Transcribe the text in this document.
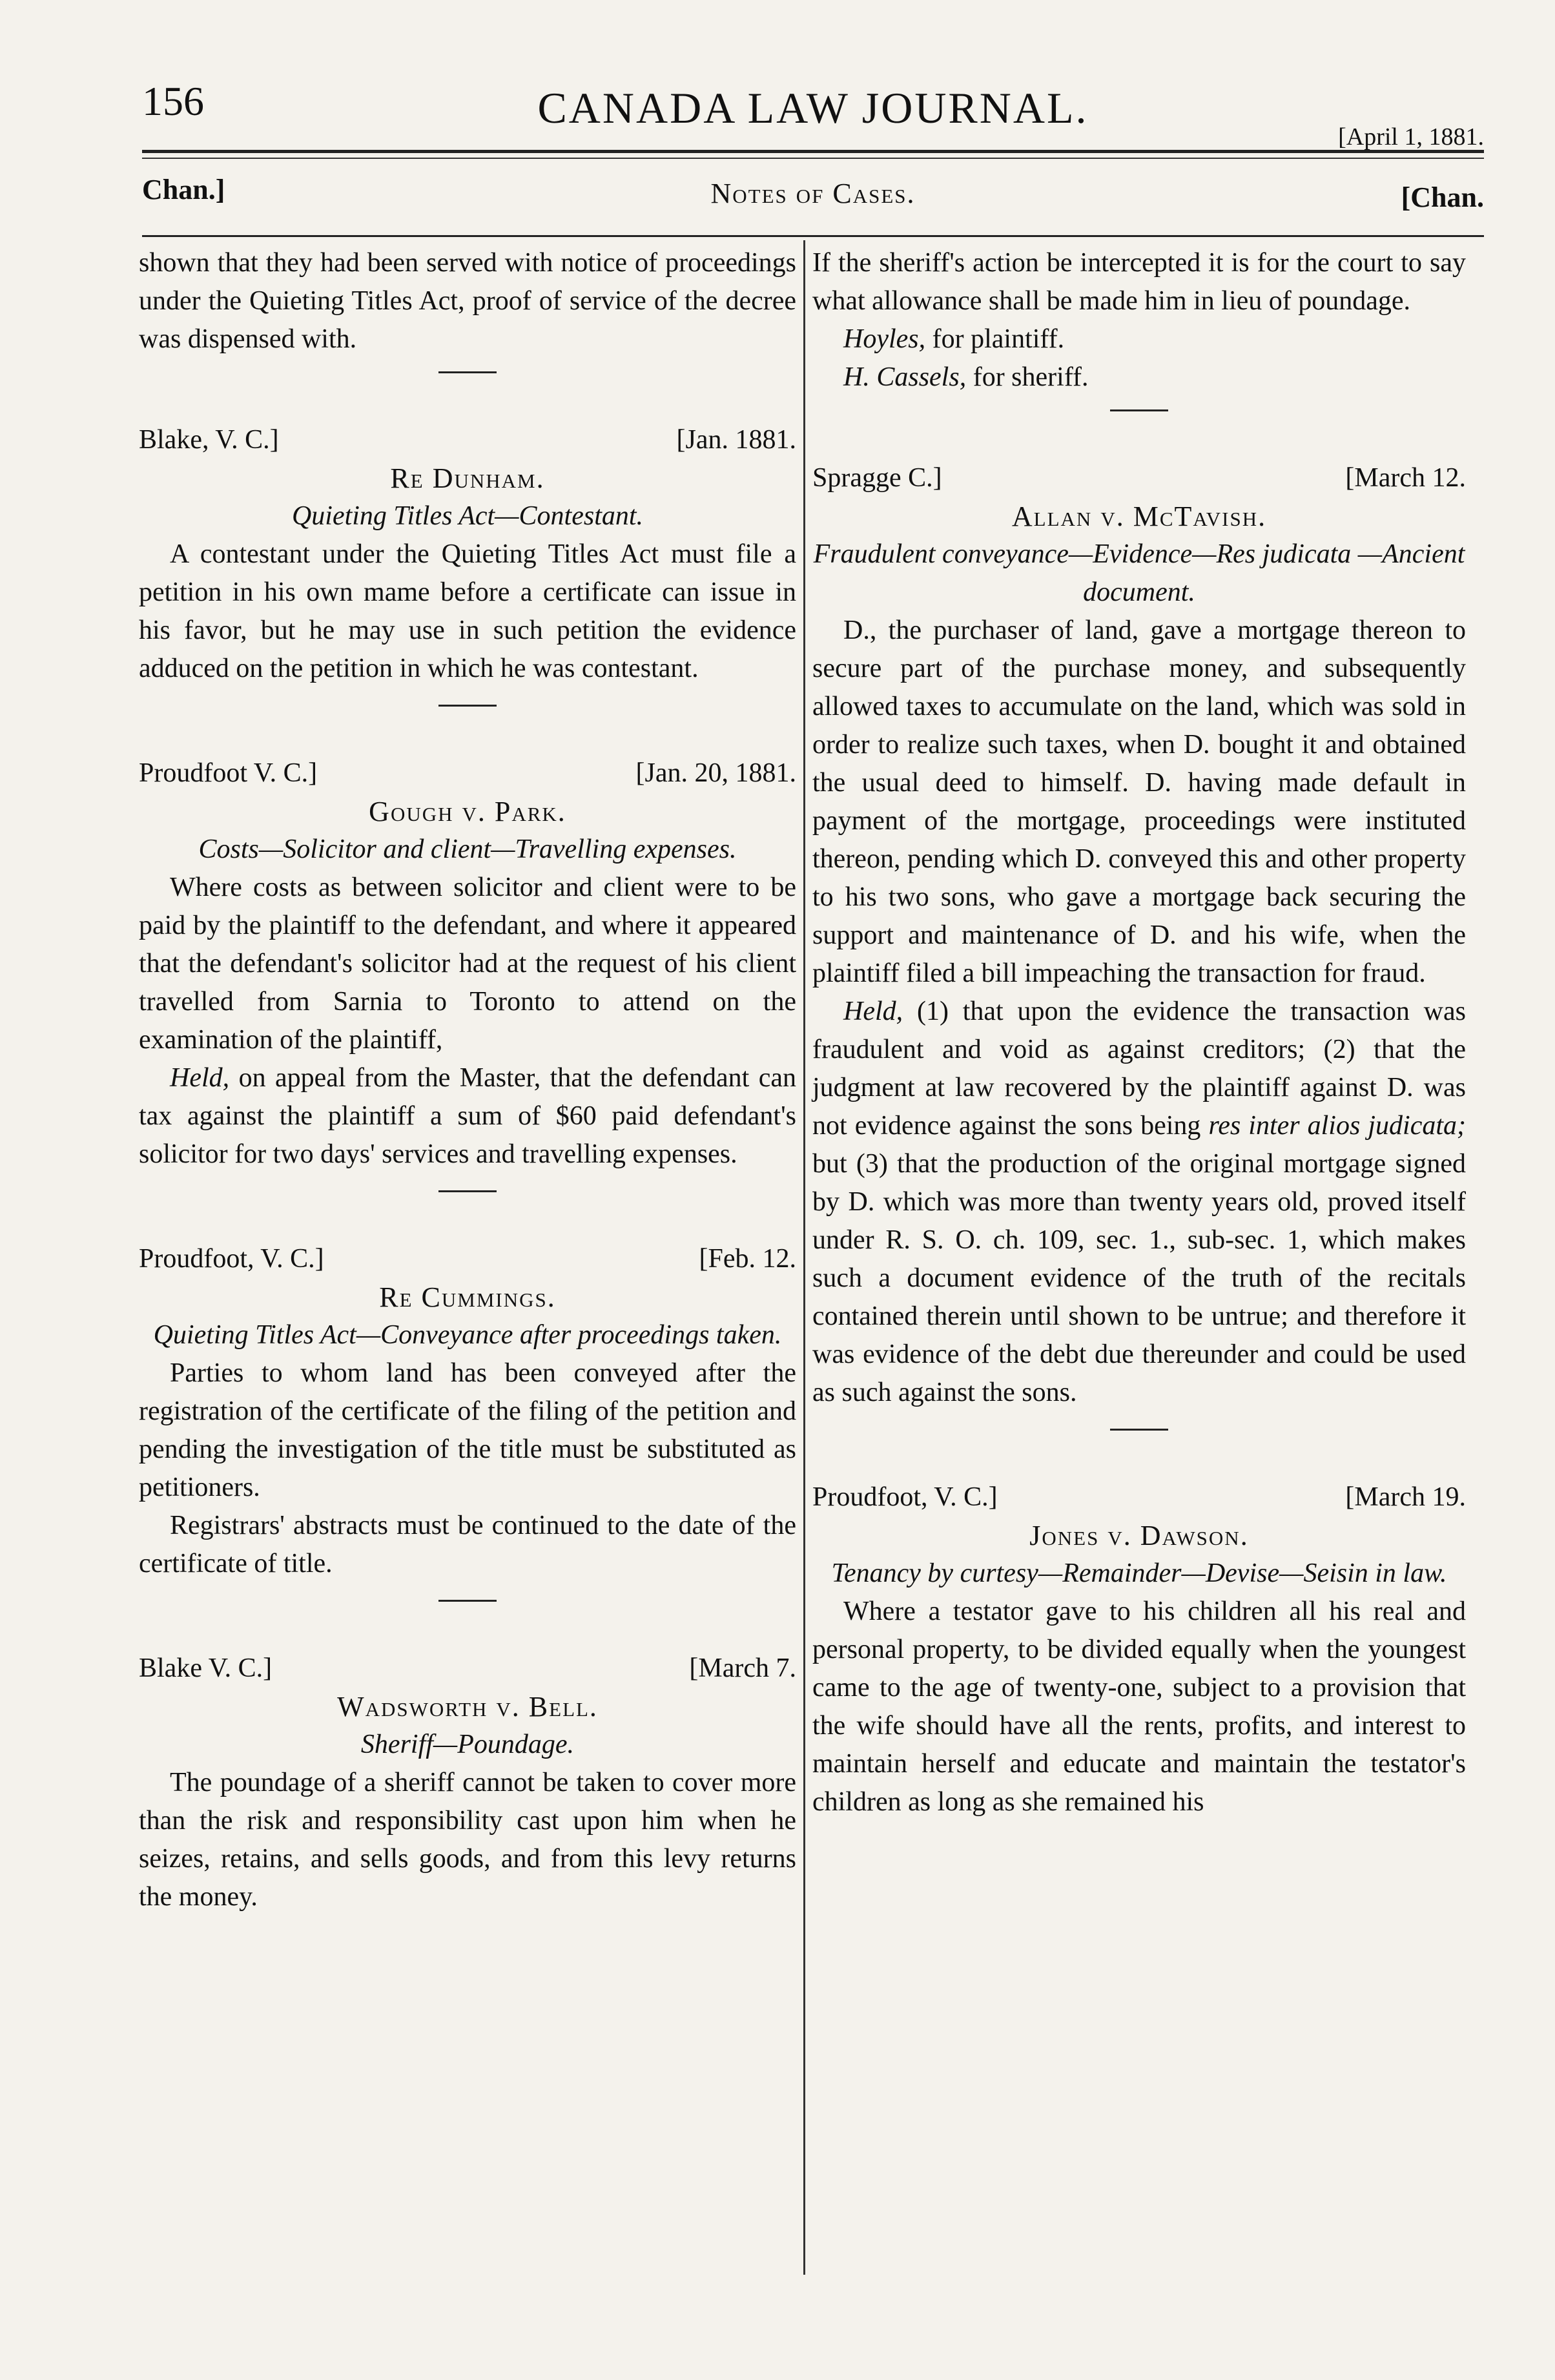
156	CANADA LAW JOURNAL.
[April 1, 1881.
Chan.]	Notes of Cases.	[Chan.

shown that they had been served with notice of proceedings under the Quieting Titles Act, proof of service of the decree was dispensed with.

Blake, V. C.]	[Jan. 1881.
Re Dunham.
Quieting Titles Act—Contestant.

A contestant under the Quieting Titles Act must file a petition in his own mame before a certificate can issue in his favor, but he may use in such petition the evidence adduced on the petition in which he was contestant.

Proudfoot V. C.]	[Jan. 20, 1881.
Gough v. Park.
Costs—Solicitor and client—Travelling expenses.

Where costs as between solicitor and client were to be paid by the plaintiff to the defendant, and where it appeared that the defendant's solicitor had at the request of his client travelled from Sarnia to Toronto to attend on the examination of the plaintiff,

Held, on appeal from the Master, that the defendant can tax against the plaintiff a sum of $60 paid defendant's solicitor for two days' services and travelling expenses.

Proudfoot, V. C.]	[Feb. 12.
Re Cummings.
Quieting Titles Act—Conveyance after proceedings taken.

Parties to whom land has been conveyed after the registration of the certificate of the filing of the petition and pending the investigation of the title must be substituted as petitioners.

Registrars' abstracts must be continued to the date of the certificate of title.

Blake V. C.]	[March 7.
Wadsworth v. Bell.
Sheriff—Poundage.

The poundage of a sheriff cannot be taken to cover more than the risk and responsibility cast upon him when he seizes, retains, and sells goods, and from this levy returns the money.

If the sheriff's action be intercepted it is for the court to say what allowance shall be made him in lieu of poundage.

Hoyles, for plaintiff.

H. Cassels, for sheriff.

Spragge C.]	[March 12.
Allan v. McTavish.
Fraudulent conveyance—Evidence—Res judicata —Ancient document.

D., the purchaser of land, gave a mortgage thereon to secure part of the purchase money, and subsequently allowed taxes to accumulate on the land, which was sold in order to realize such taxes, when D. bought it and obtained the usual deed to himself. D. having made default in payment of the mortgage, proceedings were instituted thereon, pending which D. conveyed this and other property to his two sons, who gave a mortgage back securing the support and maintenance of D. and his wife, when the plaintiff filed a bill impeaching the transaction for fraud.

Held, (1) that upon the evidence the transaction was fraudulent and void as against creditors; (2) that the judgment at law recovered by the plaintiff against D. was not evidence against the sons being res inter alios judicata; but (3) that the production of the original mortgage signed by D. which was more than twenty years old, proved itself under R. S. O. ch. 109, sec. 1., sub-sec. 1, which makes such a document evidence of the truth of the recitals contained therein until shown to be untrue; and therefore it was evidence of the debt due thereunder and could be used as such against the sons.

Proudfoot, V. C.]	[March 19.
Jones v. Dawson.
Tenancy by curtesy—Remainder—Devise—Seisin in law.

Where a testator gave to his children all his real and personal property, to be divided equally when the youngest came to the age of twenty-one, subject to a provision that the wife should have all the rents, profits, and interest to maintain herself and educate and maintain the testator's children as long as she remained his
